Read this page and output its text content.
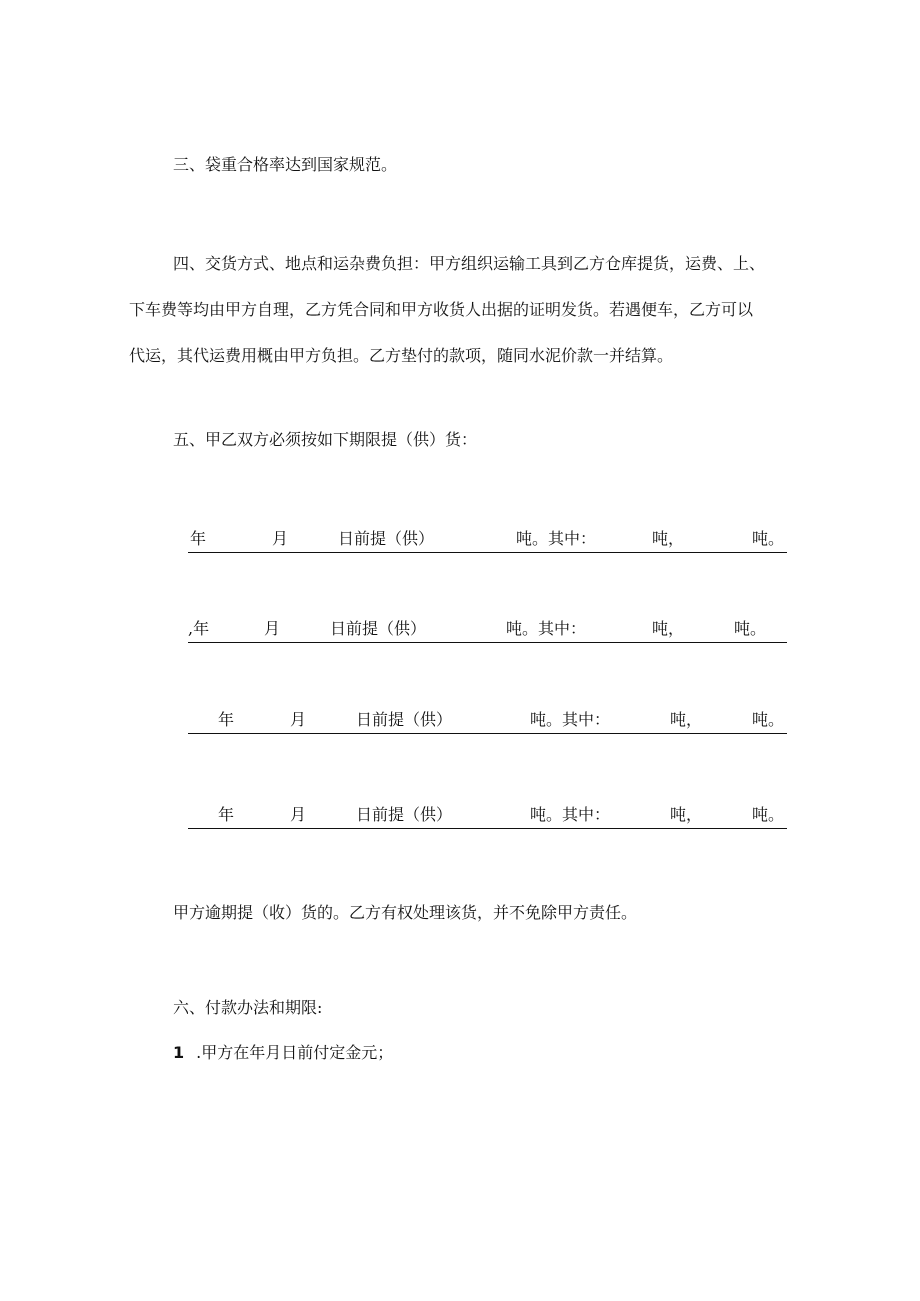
三、袋重合格率达到国家规范。
四、交货方式、地点和运杂费负担：甲方组织运输工具到乙方仓库提货，运费、上、
下车费等均由甲方自理，乙方凭合同和甲方收货人出据的证明发货。若遇便车，乙方可以
代运，其代运费用概由甲方负担。乙方垫付的款项，随同水泥价款一并结算。
五、甲乙双方必须按如下期限提（供）货：
年	月	日前提（供）	吨。其中：	吨，	吨。
,年	月	日前提（供）	吨。其中：	吨，	吨。
年	月	日前提（供）	吨。其中：	吨，	吨。
年	月	日前提（供）	吨。其中：	吨，	吨。
甲方逾期提（收）货的。乙方有权处理该货，并不免除甲方责任。
六、付款办法和期限:
1 .甲方在年月日前付定金元；
